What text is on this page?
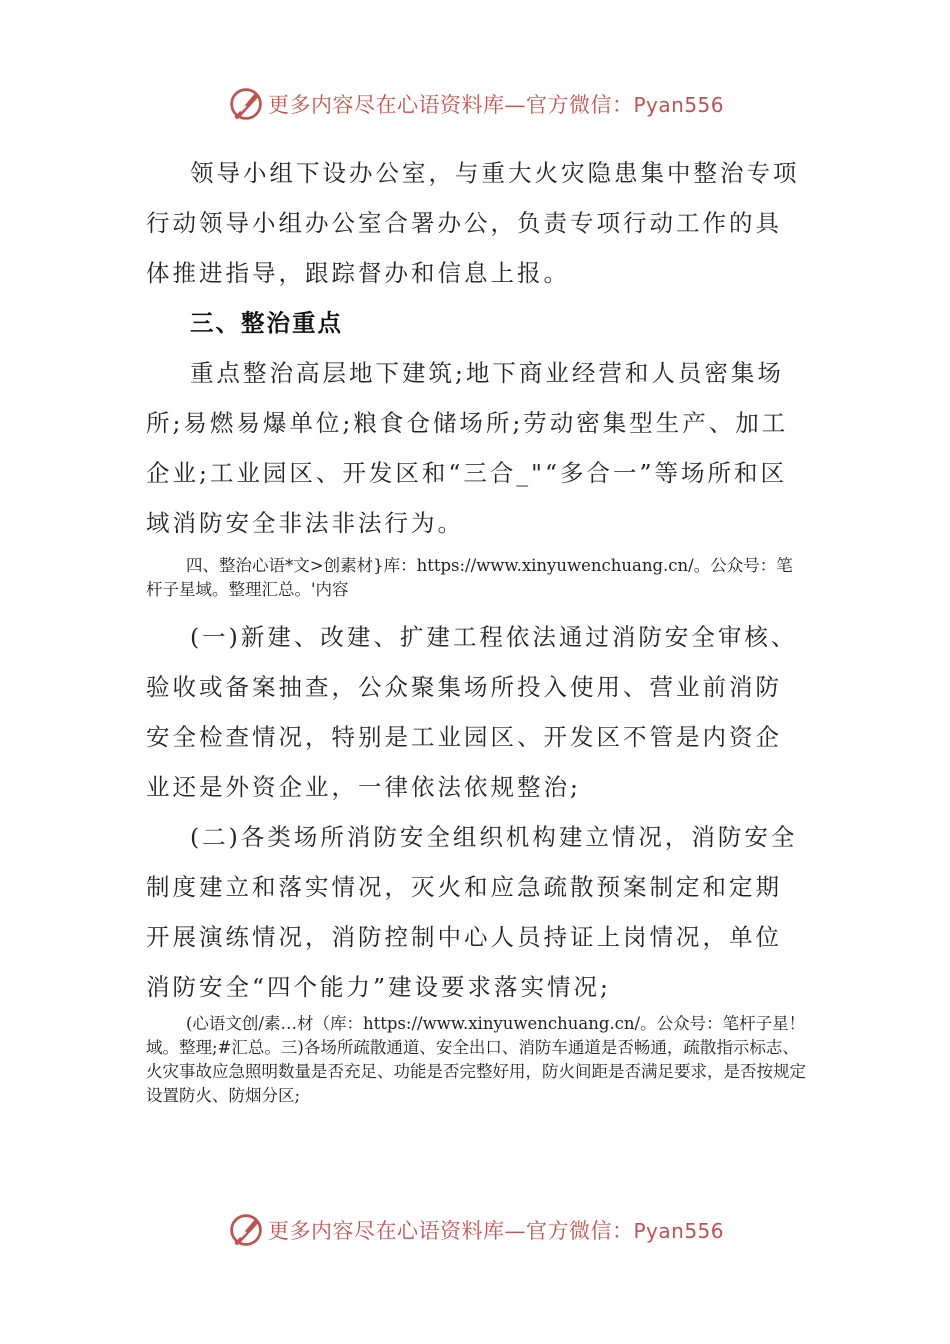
更多内容尽在心语资料库—官方微信：Pyan556

领导小组下设办公室，与重大火灾隐患集中整治专项行动领导小组办公室合署办公，负责专项行动工作的具体推进指导，跟踪督办和信息上报。

三、整治重点

重点整治高层地下建筑;地下商业经营和人员密集场所;易燃易爆单位;粮食仓储场所;劳动密集型生产、加工企业;工业园区、开发区和“三合_"“多合一”等场所和区域消防安全非法非法行为。

四、整治心语*文>创素材}库：https://www.xinyuwenchuang.cn/。公众号：笔杆子星域。整理汇总。'内容

(一)新建、改建、扩建工程依法通过消防安全审核、验收或备案抽查，公众聚集场所投入使用、营业前消防安全检查情况，特别是工业园区、开发区不管是内资企业还是外资企业，一律依法依规整治;

(二)各类场所消防安全组织机构建立情况，消防安全制度建立和落实情况，灭火和应急疏散预案制定和定期开展演练情况，消防控制中心人员持证上岗情况，单位消防安全“四个能力”建设要求落实情况;

(心语文创/素…材（库：https://www.xinyuwenchuang.cn/。公众号：笔杆子星！域。整理;#汇总。三)各场所疏散通道、安全出口、消防车通道是否畅通，疏散指示标志、火灾事故应急照明数量是否充足、功能是否完整好用，防火间距是否满足要求，是否按规定设置防火、防烟分区;

更多内容尽在心语资料库—官方微信：Pyan556
